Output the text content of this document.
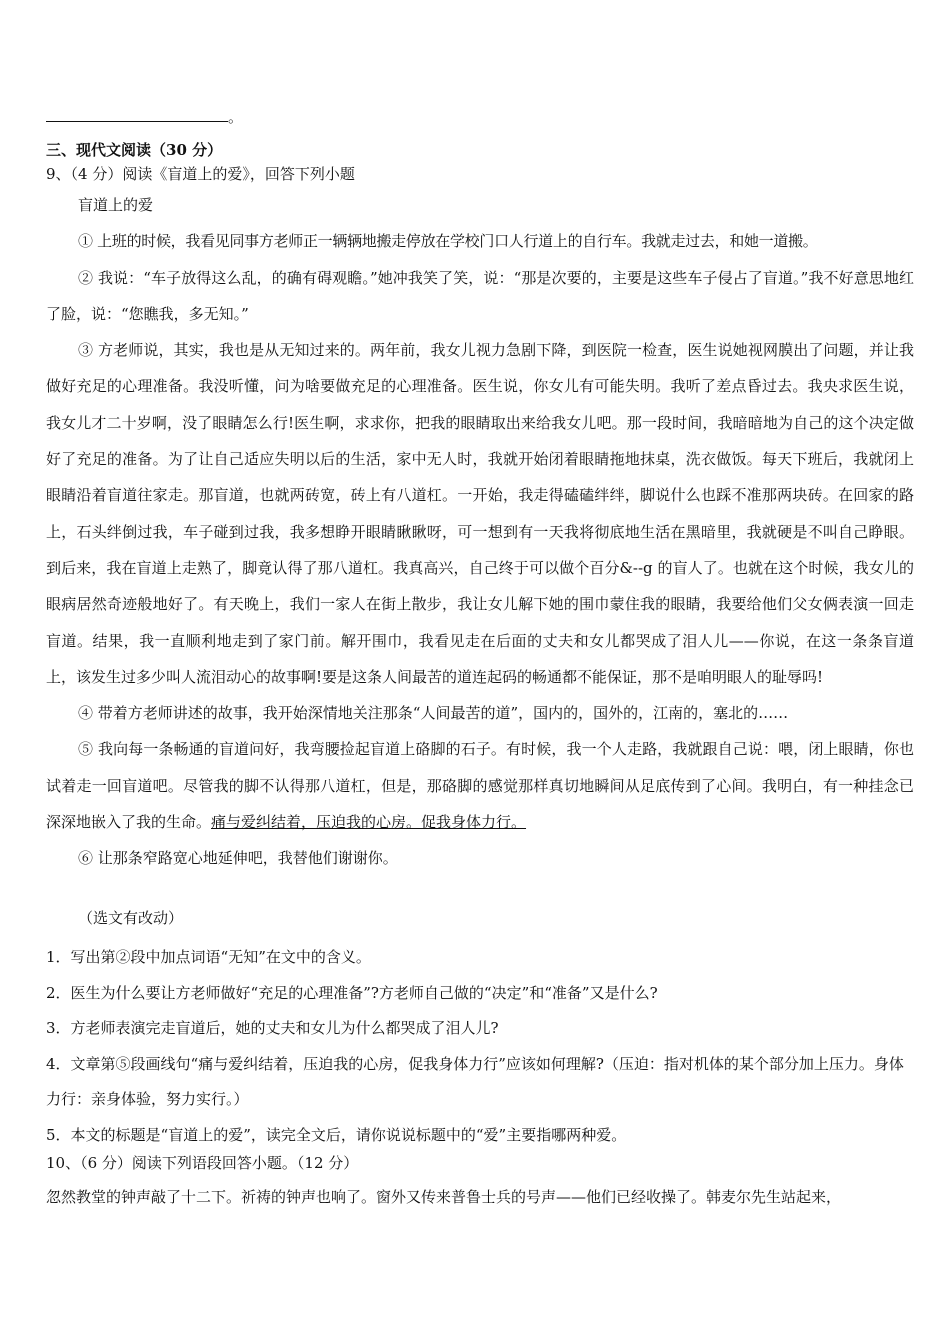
。
三、现代文阅读（30 分）
9、（4 分）阅读《盲道上的爱》，回答下列小题

盲道上的爱

① 上班的时候，我看见同事方老师正一辆辆地搬走停放在学校门口人行道上的自行车。我就走过去，和她一道搬。

② 我说：“车子放得这么乱，的确有碍观瞻。”她冲我笑了笑，说：“那是次要的，主要是这些车子侵占了盲道。”我不好意思地红了脸，说：“您瞧我，多无知。”

③ 方老师说，其实，我也是从无知过来的。两年前，我女儿视力急剧下降，到医院一检查，医生说她视网膜出了问题，并让我做好充足的心理准备。我没听懂，问为啥要做充足的心理准备。医生说，你女儿有可能失明。我听了差点昏过去。我央求医生说，我女儿才二十岁啊，没了眼睛怎么行!医生啊，求求你，把我的眼睛取出来给我女儿吧。那一段时间，我暗暗地为自己的这个决定做好了充足的准备。为了让自己适应失明以后的生活，家中无人时，我就开始闭着眼睛拖地抹桌，洗衣做饭。每天下班后，我就闭上眼睛沿着盲道往家走。那盲道，也就两砖宽，砖上有八道杠。一开始，我走得磕磕绊绊，脚说什么也踩不准那两块砖。在回家的路上，石头绊倒过我，车子碰到过我，我多想睁开眼睛瞅瞅呀，可一想到有一天我将彻底地生活在黑暗里，我就硬是不叫自己睁眼。到后来，我在盲道上走熟了，脚竟认得了那八道杠。我真高兴，自己终于可以做个百分&--g 的盲人了。也就在这个时候，我女儿的眼病居然奇迹般地好了。有天晚上，我们一家人在街上散步，我让女儿解下她的围巾蒙住我的眼睛，我要给他们父女俩表演一回走盲道。结果，我一直顺利地走到了家门前。解开围巾，我看见走在后面的丈夫和女儿都哭成了泪人儿——你说，在这一条条盲道上，该发生过多少叫人流泪动心的故事啊!要是这条人间最苦的道连起码的畅通都不能保证，那不是咱明眼人的耻辱吗!

④ 带着方老师讲述的故事，我开始深情地关注那条“人间最苦的道”，国内的，国外的，江南的，塞北的……

⑤ 我向每一条畅通的盲道问好，我弯腰捡起盲道上硌脚的石子。有时候，我一个人走路，我就跟自己说：喂，闭上眼睛，你也试着走一回盲道吧。尽管我的脚不认得那八道杠，但是，那硌脚的感觉那样真切地瞬间从足底传到了心间。我明白，有一种挂念已深深地嵌入了我的生命。痛与爱纠结着，压迫我的心房。促我身体力行。

⑥ 让那条窄路宽心地延伸吧，我替他们谢谢你。

（选文有改动）

1．写出第②段中加点词语“无知”在文中的含义。

2．医生为什么要让方老师做好“充足的心理准备”?方老师自己做的“决定”和“准备”又是什么?

3．方老师表演完走盲道后，她的丈夫和女儿为什么都哭成了泪人儿?

4．文章第⑤段画线句“痛与爱纠结着，压迫我的心房，促我身体力行”应该如何理解?（压迫：指对机体的某个部分加上压力。身体力行：亲身体验，努力实行。）

5．本文的标题是“盲道上的爱”，读完全文后，请你说说标题中的“爱”主要指哪两种爱。

10、（6 分）阅读下列语段回答小题。（12 分）
忽然教堂的钟声敲了十二下。祈祷的钟声也响了。窗外又传来普鲁士兵的号声——他们已经收操了。韩麦尔先生站起来，
